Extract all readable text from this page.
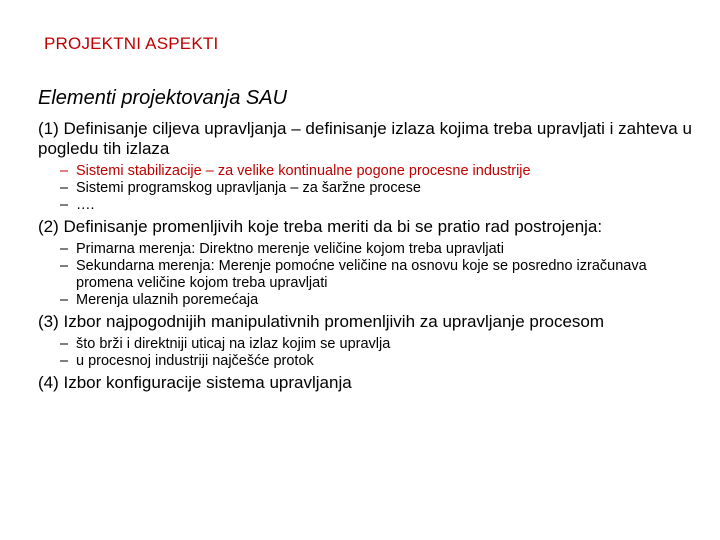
PROJEKTNI ASPEKTI
Elementi projektovanja SAU
(1) Definisanje ciljeva upravljanja – definisanje izlaza kojima treba upravljati i zahteva u pogledu tih izlaza
– Sistemi stabilizacije – za velike kontinualne pogone procesne industrije
– Sistemi programskog upravljanja – za šaržne procese
– ….
(2) Definisanje promenljivih koje treba meriti da bi se pratio rad postrojenja:
– Primarna merenja: Direktno merenje veličine kojom treba upravljati
– Sekundarna merenja: Merenje pomoćne veličine na osnovu koje se posredno izračunava promena veličine kojom treba upravljati
– Merenja ulaznih poremećaja
(3) Izbor najpogodnijih manipulativnih promenljivih za upravljanje procesom
– što brži i direktniji uticaj na izlaz kojim se upravlja
– u procesnoj industriji najčešće protok
(4) Izbor konfiguracije sistema upravljanja
